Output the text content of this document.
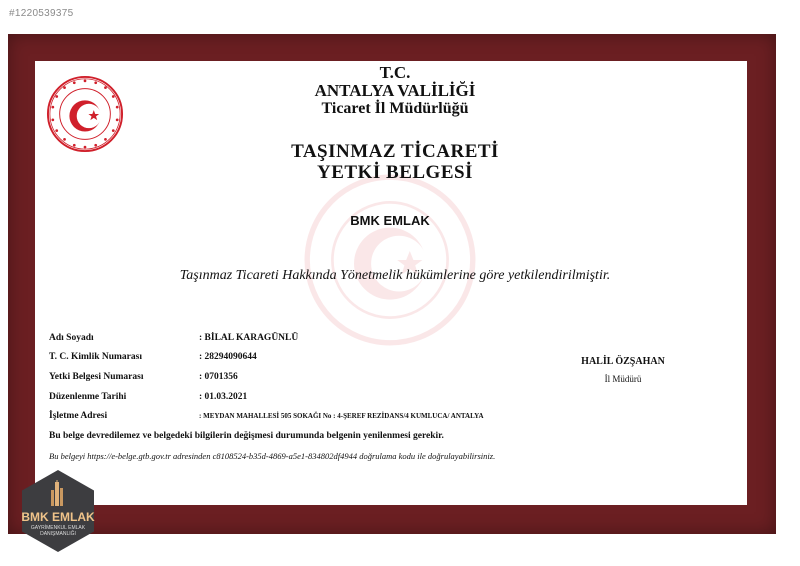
#1220539375
T.C.
ANTALYA VALİLİĞİ
Ticaret İl Müdürlüğü
TAŞINMAZ TİCARETİ
YETKİ BELGESİ
BMK EMLAK
Taşınmaz Ticareti Hakkında Yönetmelik hükümlerine göre yetkilendirilmiştir.
Adı Soyadı	: BİLAL KARAGÜNLÜ
T. C. Kimlik Numarası	: 28294090644
Yetki Belgesi Numarası	: 0701356
Düzenlenme Tarihi	: 01.03.2021
İşletme Adresi	: MEYDAN MAHALLESİ 505 SOKAĞI No : 4-ŞEREF REZİDANS/4 KUMLUCA/ ANTALYA
HALİL ÖZŞAHAN
İl Müdürü
Bu belge devredilemez ve belgedeki bilgilerin değişmesi durumunda belgenin yenilenmesi gerekir.
Bu belgeyi https://e-belge.gtb.gov.tr adresinden c8108524-b35d-4869-a5e1-834802df4944 doğrulama kodu ile doğrulayabilirsiniz.
BMK EMLAK
GAYRİMENKUL EMLAK
DANIŞMANLIĞI
